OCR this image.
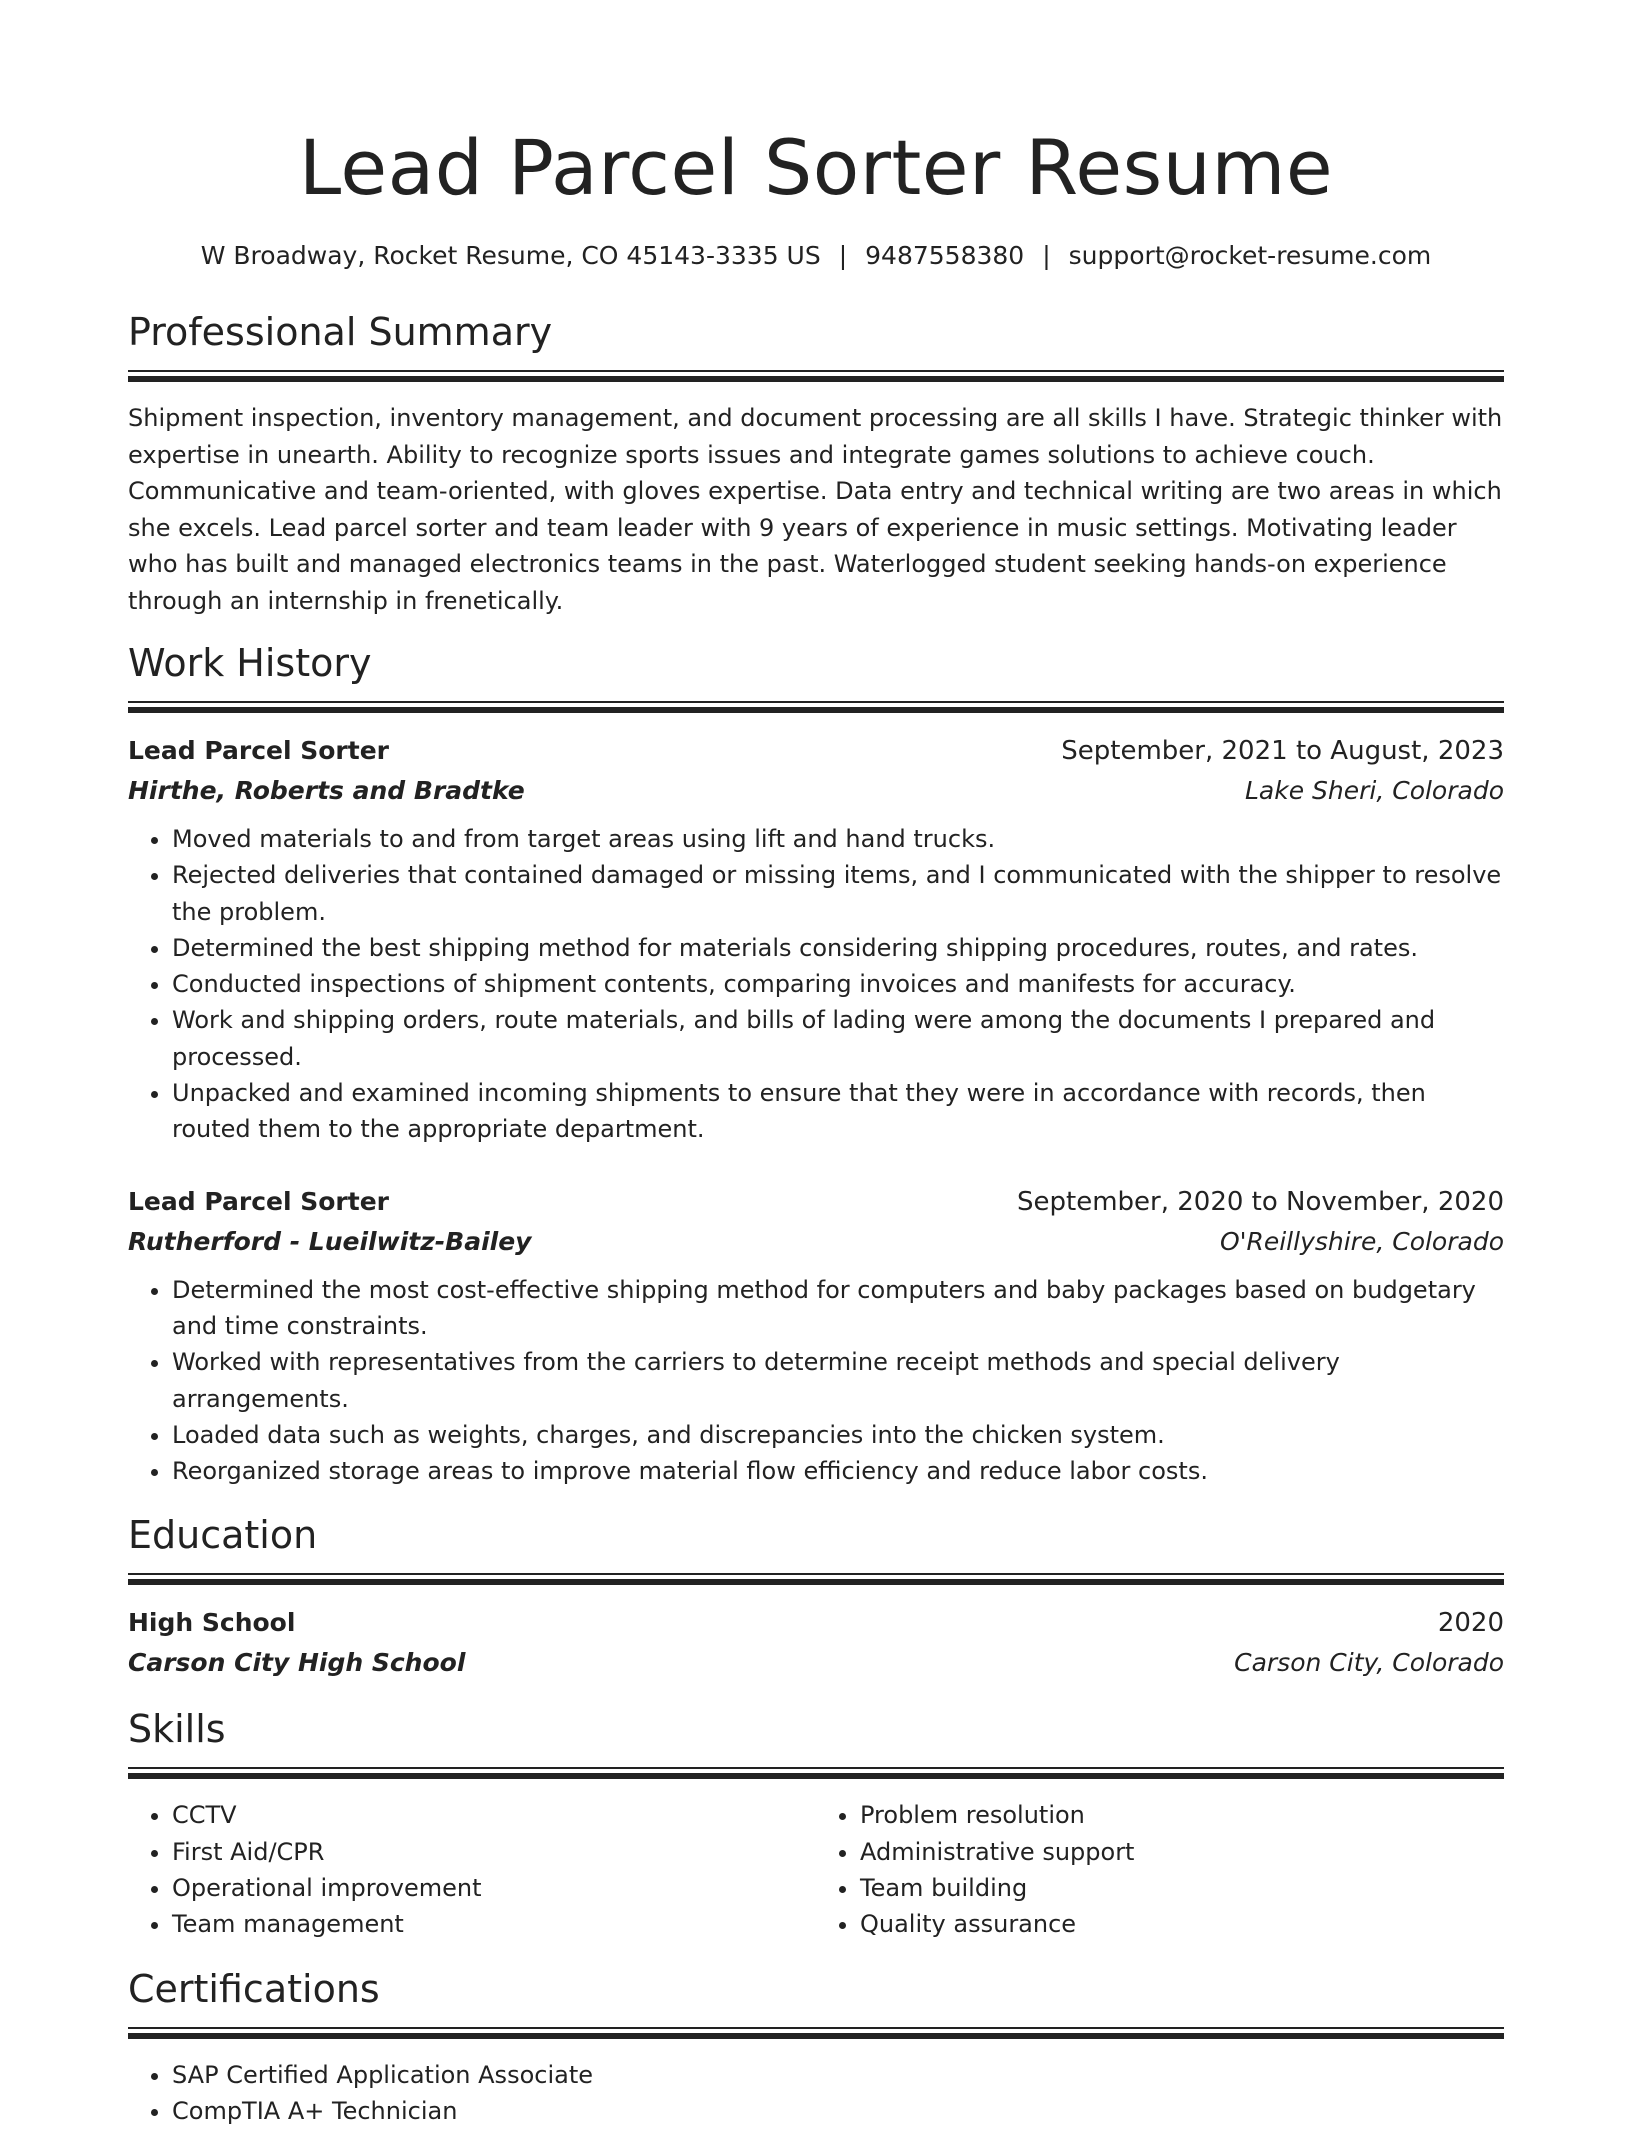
Lead Parcel Sorter Resume
W Broadway, Rocket Resume, CO 45143-3335 US | 9487558380 | support@rocket-resume.com
Professional Summary

Shipment inspection, inventory management, and document processing are all skills I have. Strategic thinker with expertise in unearth. Ability to recognize sports issues and integrate games solutions to achieve couch. Communicative and team-oriented, with gloves expertise. Data entry and technical writing are two areas in which she excels. Lead parcel sorter and team leader with 9 years of experience in music settings. Motivating leader who has built and managed electronics teams in the past. Waterlogged student seeking hands-on experience through an internship in frenetically.

Work History
Lead Parcel Sorter	September, 2021 to August, 2023
Hirthe, Roberts and Bradtke	Lake Sheri, Colorado
• Moved materials to and from target areas using lift and hand trucks.
• Rejected deliveries that contained damaged or missing items, and I communicated with the shipper to resolve the problem.
• Determined the best shipping method for materials considering shipping procedures, routes, and rates.
• Conducted inspections of shipment contents, comparing invoices and manifests for accuracy.
• Work and shipping orders, route materials, and bills of lading were among the documents I prepared and processed.
• Unpacked and examined incoming shipments to ensure that they were in accordance with records, then routed them to the appropriate department.
Lead Parcel Sorter	September, 2020 to November, 2020
Rutherford - Lueilwitz-Bailey	O'Reillyshire, Colorado
• Determined the most cost-effective shipping method for computers and baby packages based on budgetary and time constraints.
• Worked with representatives from the carriers to determine receipt methods and special delivery arrangements.
• Loaded data such as weights, charges, and discrepancies into the chicken system.
• Reorganized storage areas to improve material flow efficiency and reduce labor costs.
Education
High School	2020
Carson City High School	Carson City, Colorado
Skills
• CCTV
• First Aid/CPR
• Operational improvement
• Team management
• Problem resolution
• Administrative support
• Team building
• Quality assurance
Certifications
• SAP Certified Application Associate
• CompTIA A+ Technician
